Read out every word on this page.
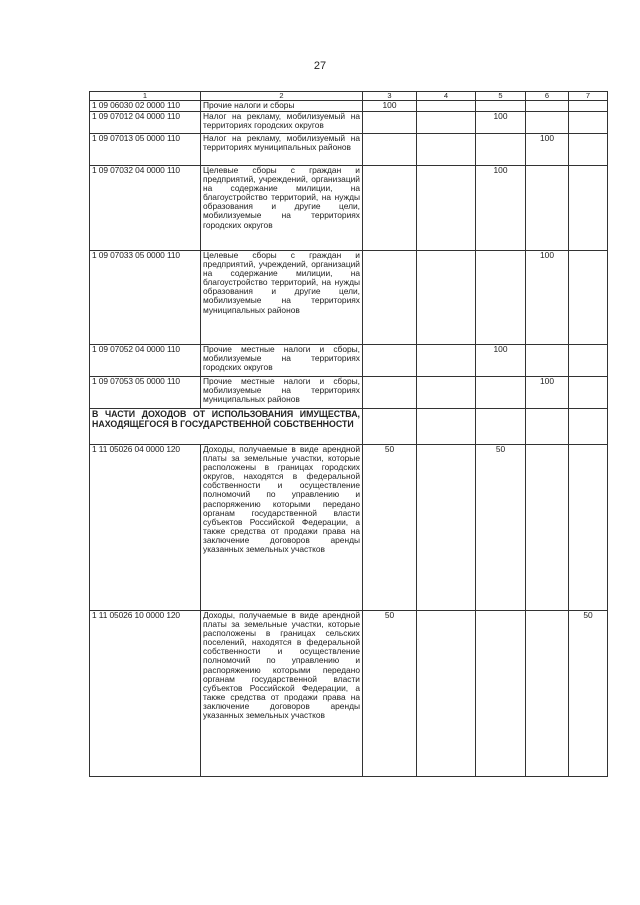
27
1	2	3	4	5	6	7
1 09 06030 02 0000 110	Прочие налоги и сборы	100				
1 09 07012 04 0000 110	Налог на рекламу, мобилизуемый на территориях городских округов			100		
1 09 07013 05 0000 110	Налог на рекламу, мобилизуемый на территориях муниципальных районов				100	
1 09 07032 04 0000 110	Целевые сборы с граждан и предприятий, учреждений, организаций на содержание милиции, на благоустройство территорий, на нужды образования и другие цели, мобилизуемые на территориях городских округов			100		
1 09 07033 05 0000 110	Целевые сборы с граждан и предприятий, учреждений, организаций на содержание милиции, на благоустройство территорий, на нужды образования и другие цели, мобилизуемые на территориях муниципальных районов				100	
1 09 07052 04 0000 110	Прочие местные налоги и сборы, мобилизуемые на территориях городских округов			100		
1 09 07053 05 0000 110	Прочие местные налоги и сборы, мобилизуемые на территориях муниципальных районов				100	
В ЧАСТИ ДОХОДОВ ОТ ИСПОЛЬЗОВАНИЯ ИМУЩЕСТВА, НАХОДЯЩЕГОСЯ В ГОСУДАРСТВЕННОЙ СОБСТВЕННОСТИ						
1 11 05026 04 0000 120	Доходы, получаемые в виде арендной платы за земельные участки, которые расположены в границах городских округов, находятся в федеральной собственности и осуществление полномочий по управлению и распоряжению которыми передано органам государственной власти субъектов Российской Федерации, а также средства от продажи права на заключение договоров аренды указанных земельных участков	50		50		
1 11 05026 10 0000 120	Доходы, получаемые в виде арендной платы за земельные участки, которые расположены в границах сельских поселений, находятся в федеральной собственности и осуществление полномочий по управлению и распоряжению которыми передано органам государственной власти субъектов Российской Федерации, а также средства от продажи права на заключение договоров аренды указанных земельных участков	50				50
